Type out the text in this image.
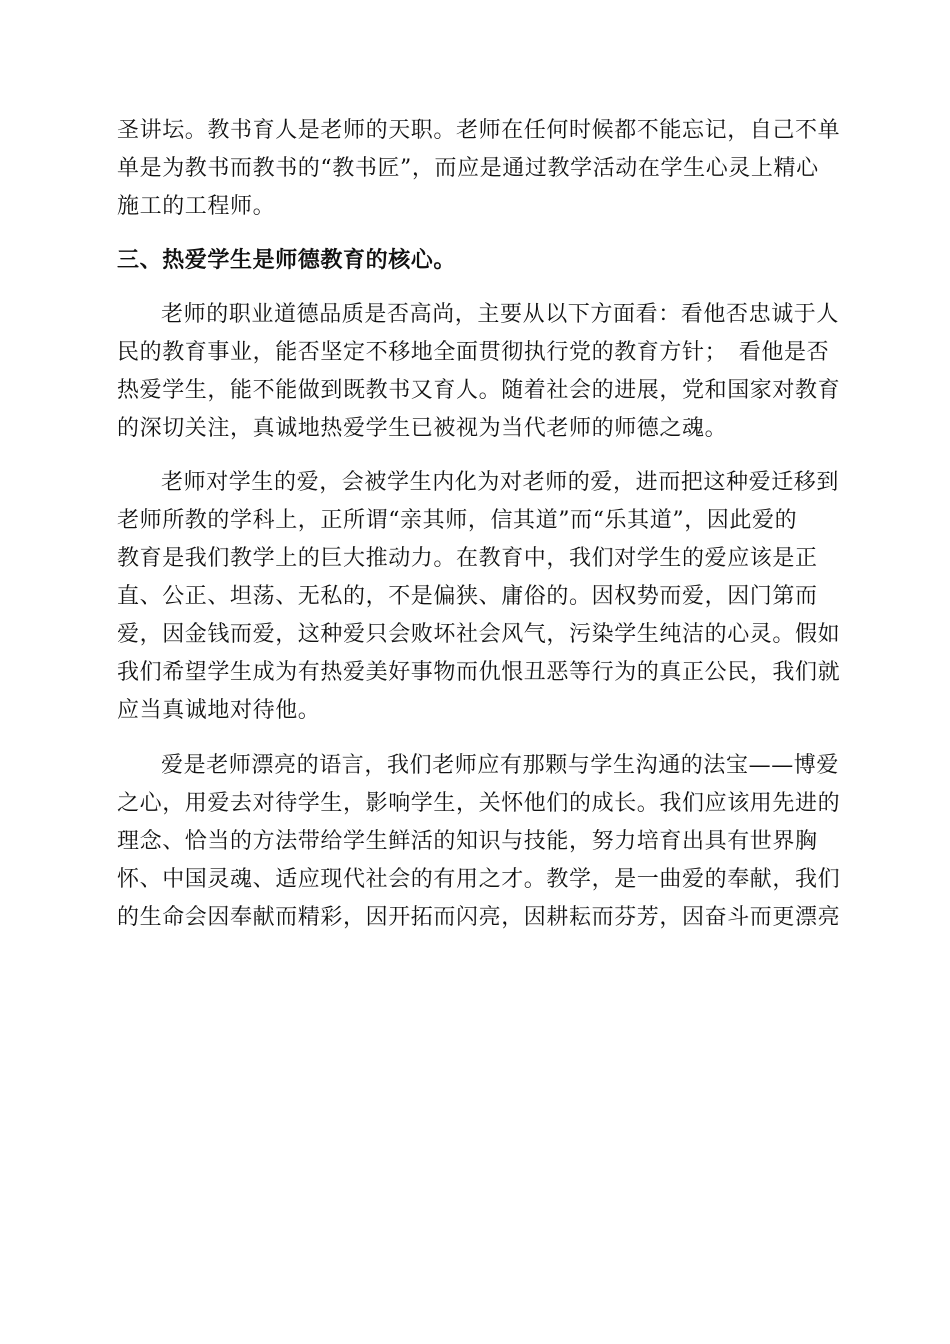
圣讲坛。教书育人是老师的天职。老师在任何时候都不能忘记，自己不单
单是为教书而教书的“教书匠”，而应是通过教学活动在学生心灵上精心
施工的工程师。
三、热爱学生是师德教育的核心。
老师的职业道德品质是否高尚，主要从以下方面看：看他否忠诚于人
民的教育事业，能否坚定不移地全面贯彻执行党的教育方针；　看他是否
热爱学生，能不能做到既教书又育人。随着社会的进展，党和国家对教育
的深切关注，真诚地热爱学生已被视为当代老师的师德之魂。
老师对学生的爱，会被学生内化为对老师的爱，进而把这种爱迁移到
老师所教的学科上，正所谓“亲其师，信其道”而“乐其道”，因此爱的
教育是我们教学上的巨大推动力。在教育中，我们对学生的爱应该是正
直、公正、坦荡、无私的，不是偏狭、庸俗的。因权势而爱，因门第而
爱，因金钱而爱，这种爱只会败坏社会风气，污染学生纯洁的心灵。假如
我们希望学生成为有热爱美好事物而仇恨丑恶等行为的真正公民，我们就
应当真诚地对待他。
爱是老师漂亮的语言，我们老师应有那颗与学生沟通的法宝——博爱
之心，用爱去对待学生，影响学生，关怀他们的成长。我们应该用先进的
理念、恰当的方法带给学生鲜活的知识与技能，努力培育出具有世界胸
怀、中国灵魂、适应现代社会的有用之才。教学，是一曲爱的奉献，我们
的生命会因奉献而精彩，因开拓而闪亮，因耕耘而芬芳，因奋斗而更漂亮
